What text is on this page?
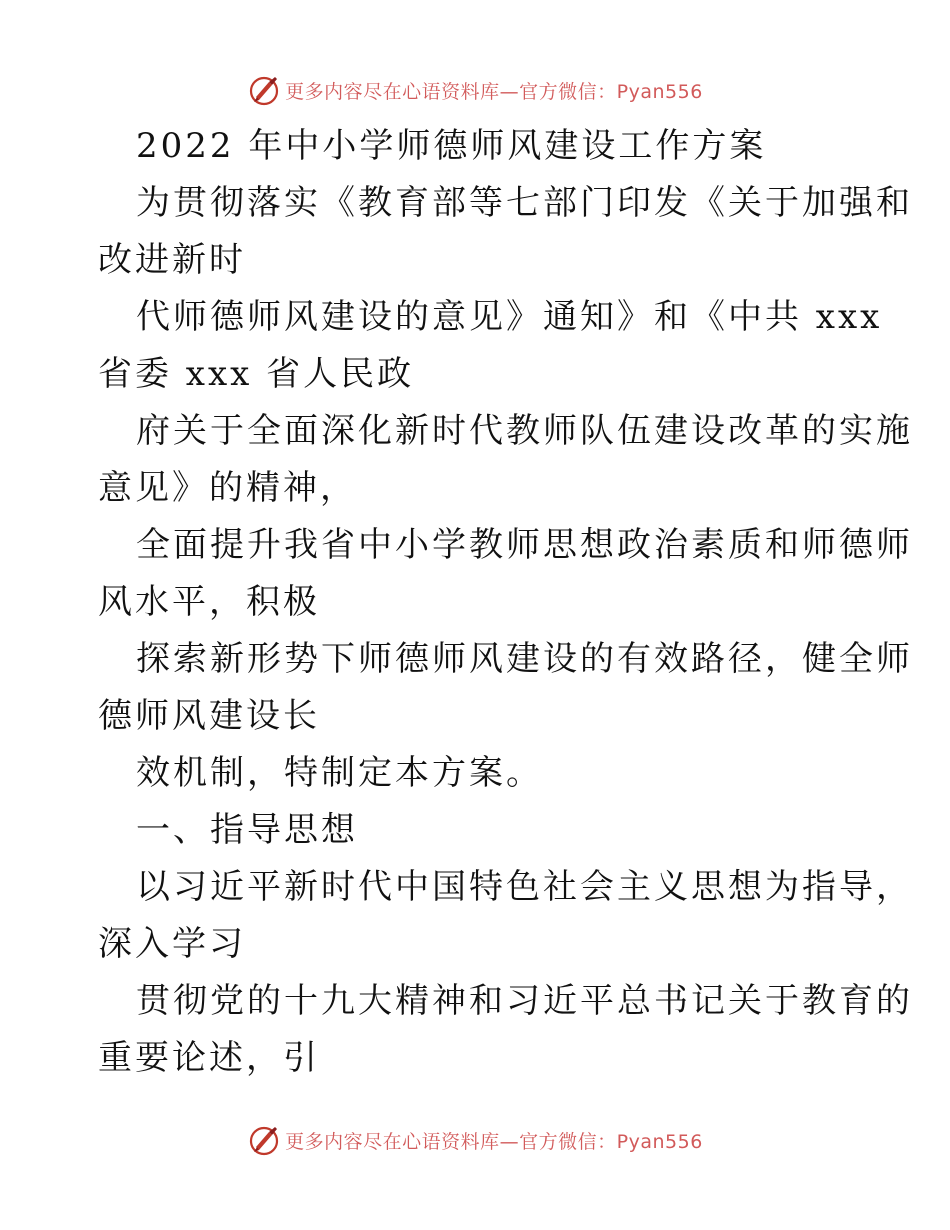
更多内容尽在心语资料库—官方微信：Pyan556
2022 年中小学师德师风建设工作方案
为贯彻落实《教育部等七部门印发《关于加强和
改进新时
代师德师风建设的意见》通知》和《中共 xxx
省委 xxx 省人民政
府关于全面深化新时代教师队伍建设改革的实施
意见》的精神，
全面提升我省中小学教师思想政治素质和师德师
风水平，积极
探索新形势下师德师风建设的有效路径，健全师
德师风建设长
效机制，特制定本方案。
一、指导思想
以习近平新时代中国特色社会主义思想为指导，
深入学习
贯彻党的十九大精神和习近平总书记关于教育的
重要论述，引
更多内容尽在心语资料库—官方微信：Pyan556
